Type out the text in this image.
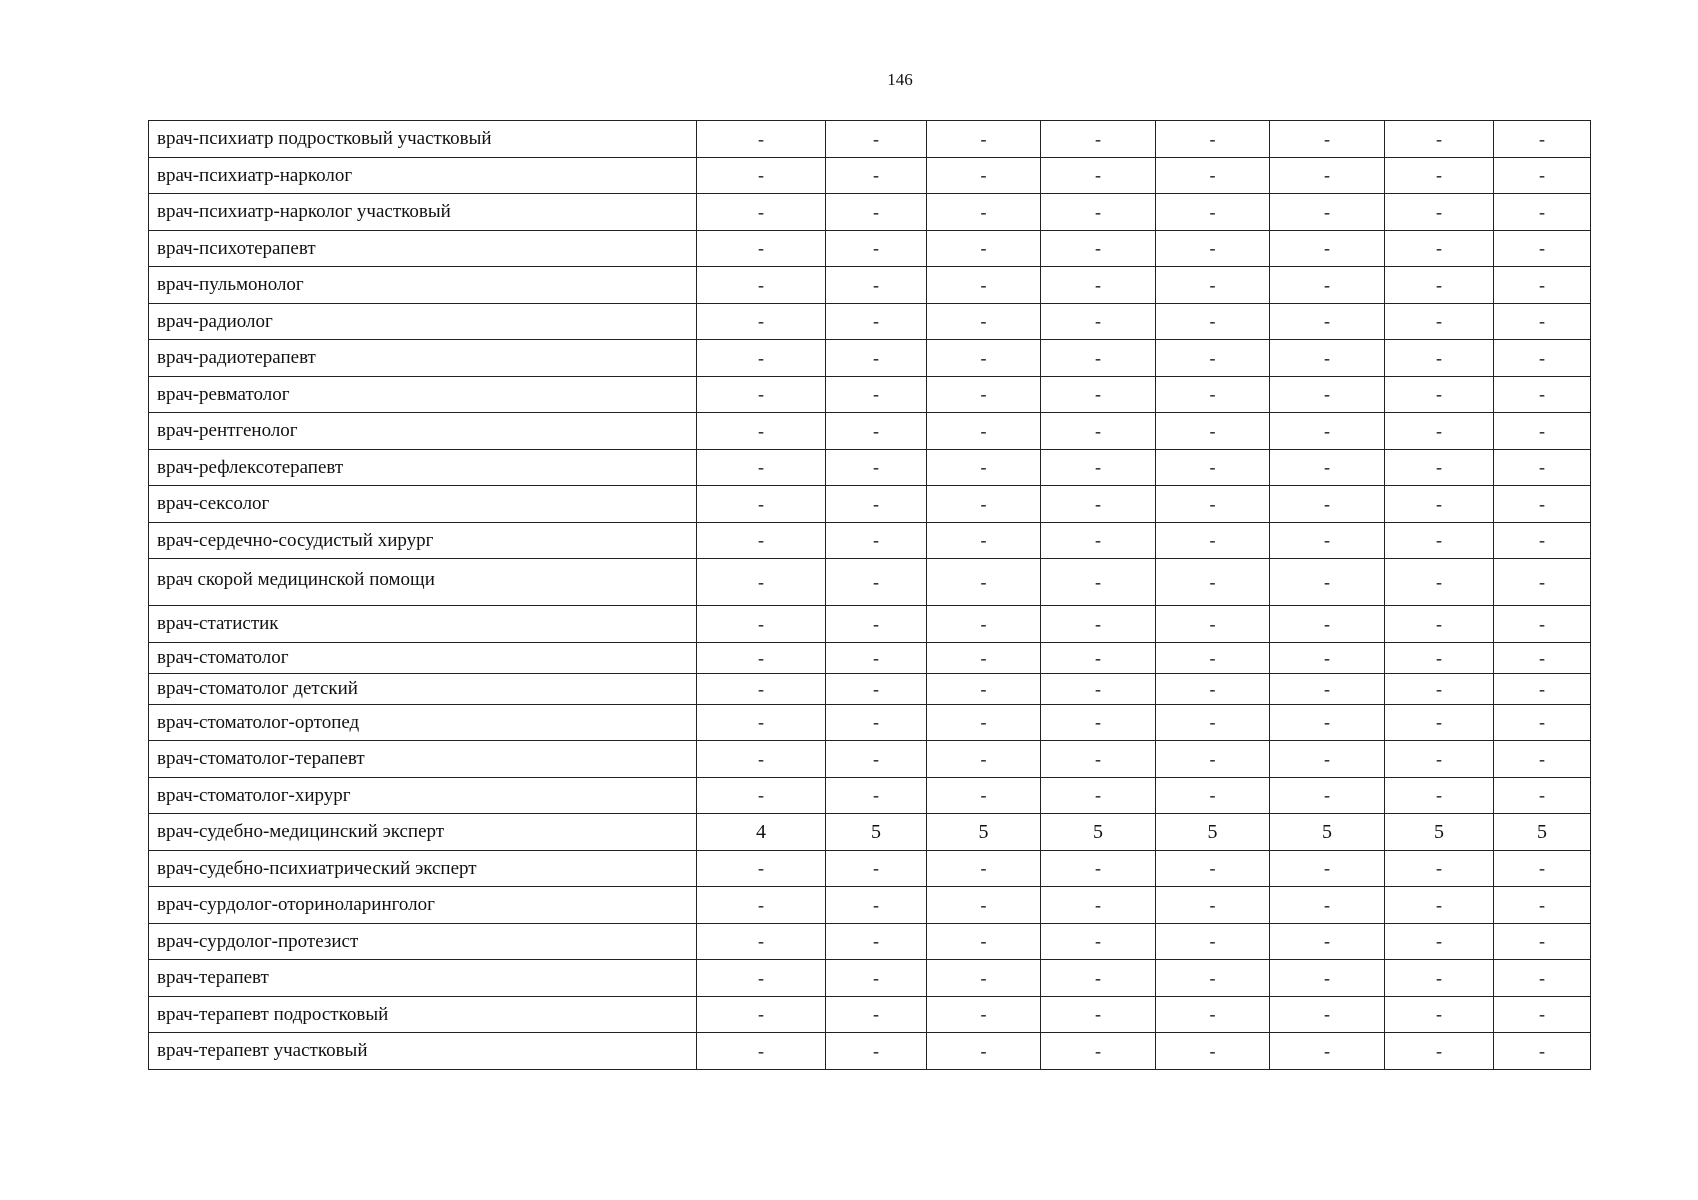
146
врач-психиатр подростковый участковый	-	-	-	-	-	-	-	-
врач-психиатр-нарколог	-	-	-	-	-	-	-	-
врач-психиатр-нарколог участковый	-	-	-	-	-	-	-	-
врач-психотерапевт	-	-	-	-	-	-	-	-
врач-пульмонолог	-	-	-	-	-	-	-	-
врач-радиолог	-	-	-	-	-	-	-	-
врач-радиотерапевт	-	-	-	-	-	-	-	-
врач-ревматолог	-	-	-	-	-	-	-	-
врач-рентгенолог	-	-	-	-	-	-	-	-
врач-рефлексотерапевт	-	-	-	-	-	-	-	-
врач-сексолог	-	-	-	-	-	-	-	-
врач-сердечно-сосудистый хирург	-	-	-	-	-	-	-	-
врач скорой медицинской помощи	-	-	-	-	-	-	-	-
врач-статистик	-	-	-	-	-	-	-	-
врач-стоматолог	-	-	-	-	-	-	-	-
врач-стоматолог детский	-	-	-	-	-	-	-	-
врач-стоматолог-ортопед	-	-	-	-	-	-	-	-
врач-стоматолог-терапевт	-	-	-	-	-	-	-	-
врач-стоматолог-хирург	-	-	-	-	-	-	-	-
врач-судебно-медицинский эксперт	4	5	5	5	5	5	5	5
врач-судебно-психиатрический эксперт	-	-	-	-	-	-	-	-
врач-сурдолог-оториноларинголог	-	-	-	-	-	-	-	-
врач-сурдолог-протезист	-	-	-	-	-	-	-	-
врач-терапевт	-	-	-	-	-	-	-	-
врач-терапевт подростковый	-	-	-	-	-	-	-	-
врач-терапевт участковый	-	-	-	-	-	-	-	-
